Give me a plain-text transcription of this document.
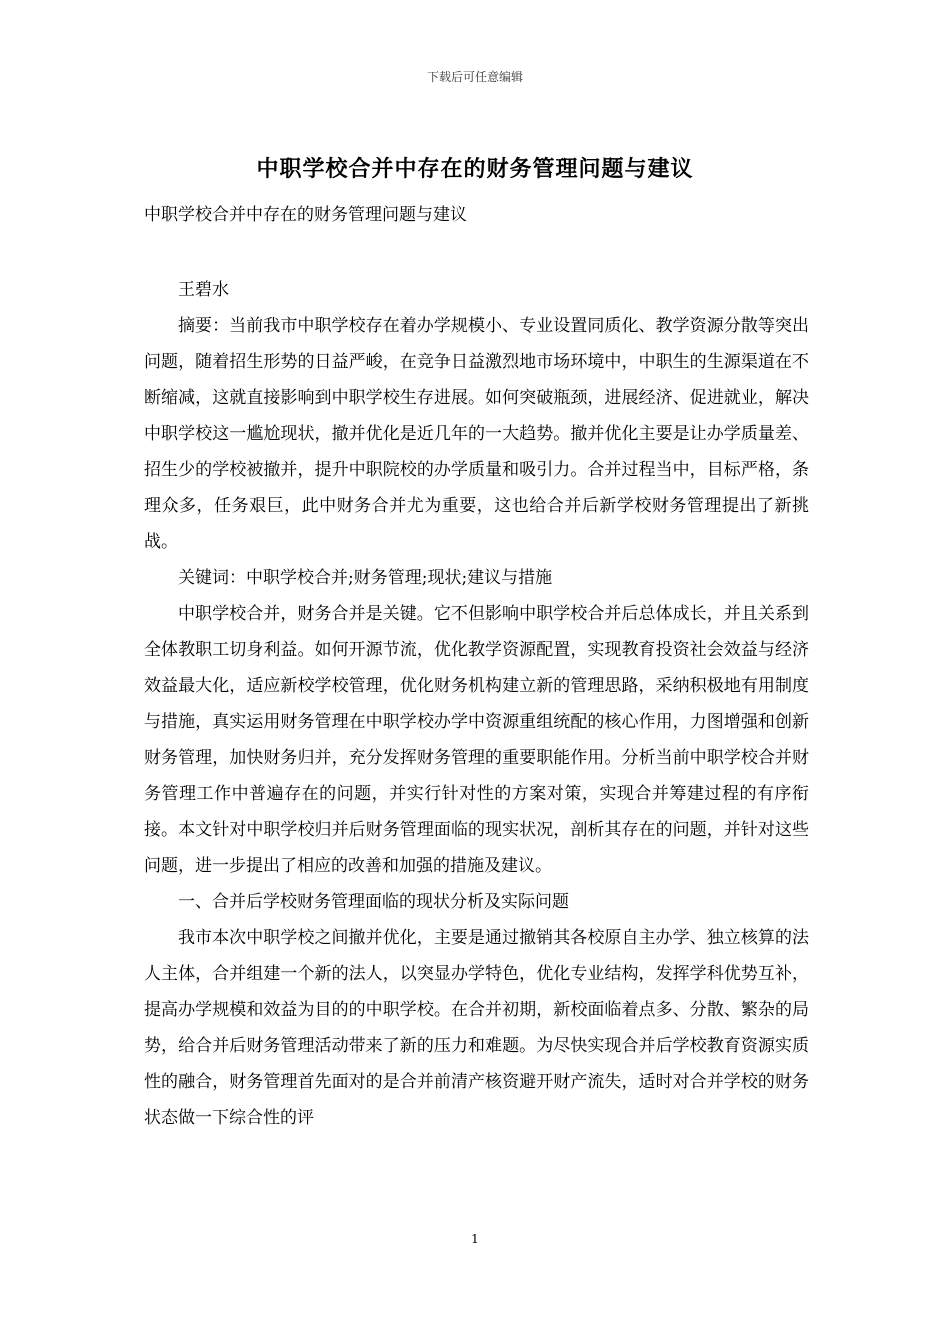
下载后可任意编辑
中职学校合并中存在的财务管理问题与建议
中职学校合并中存在的财务管理问题与建议

王碧水

摘要：当前我市中职学校存在着办学规模小、专业设置同质化、教学资源分散等突出问题，随着招生形势的日益严峻，在竞争日益激烈地市场环境中，中职生的生源渠道在不断缩减，这就直接影响到中职学校生存进展。如何突破瓶颈，进展经济、促进就业，解决中职学校这一尴尬现状，撤并优化是近几年的一大趋势。撤并优化主要是让办学质量差、招生少的学校被撤并，提升中职院校的办学质量和吸引力。合并过程当中，目标严格，条理众多，任务艰巨，此中财务合并尤为重要，这也给合并后新学校财务管理提出了新挑战。

关键词：中职学校合并;财务管理;现状;建议与措施

中职学校合并，财务合并是关键。它不但影响中职学校合并后总体成长，并且关系到全体教职工切身利益。如何开源节流，优化教学资源配置，实现教育投资社会效益与经济效益最大化，适应新校学校管理，优化财务机构建立新的管理思路，采纳积极地有用制度与措施，真实运用财务管理在中职学校办学中资源重组统配的核心作用，力图增强和创新财务管理，加快财务归并，充分发挥财务管理的重要职能作用。分析当前中职学校合并财务管理工作中普遍存在的问题，并实行针对性的方案对策，实现合并筹建过程的有序衔接。本文针对中职学校归并后财务管理面临的现实状况，剖析其存在的问题，并针对这些问题，进一步提出了相应的改善和加强的措施及建议。

一、合并后学校财务管理面临的现状分析及实际问题

我市本次中职学校之间撤并优化，主要是通过撤销其各校原自主办学、独立核算的法人主体，合并组建一个新的法人，以突显办学特色，优化专业结构，发挥学科优势互补，提高办学规模和效益为目的的中职学校。在合并初期，新校面临着点多、分散、繁杂的局势，给合并后财务管理活动带来了新的压力和难题。为尽快实现合并后学校教育资源实质性的融合，财务管理首先面对的是合并前清产核资避开财产流失，适时对合并学校的财务状态做一下综合性的评

1
